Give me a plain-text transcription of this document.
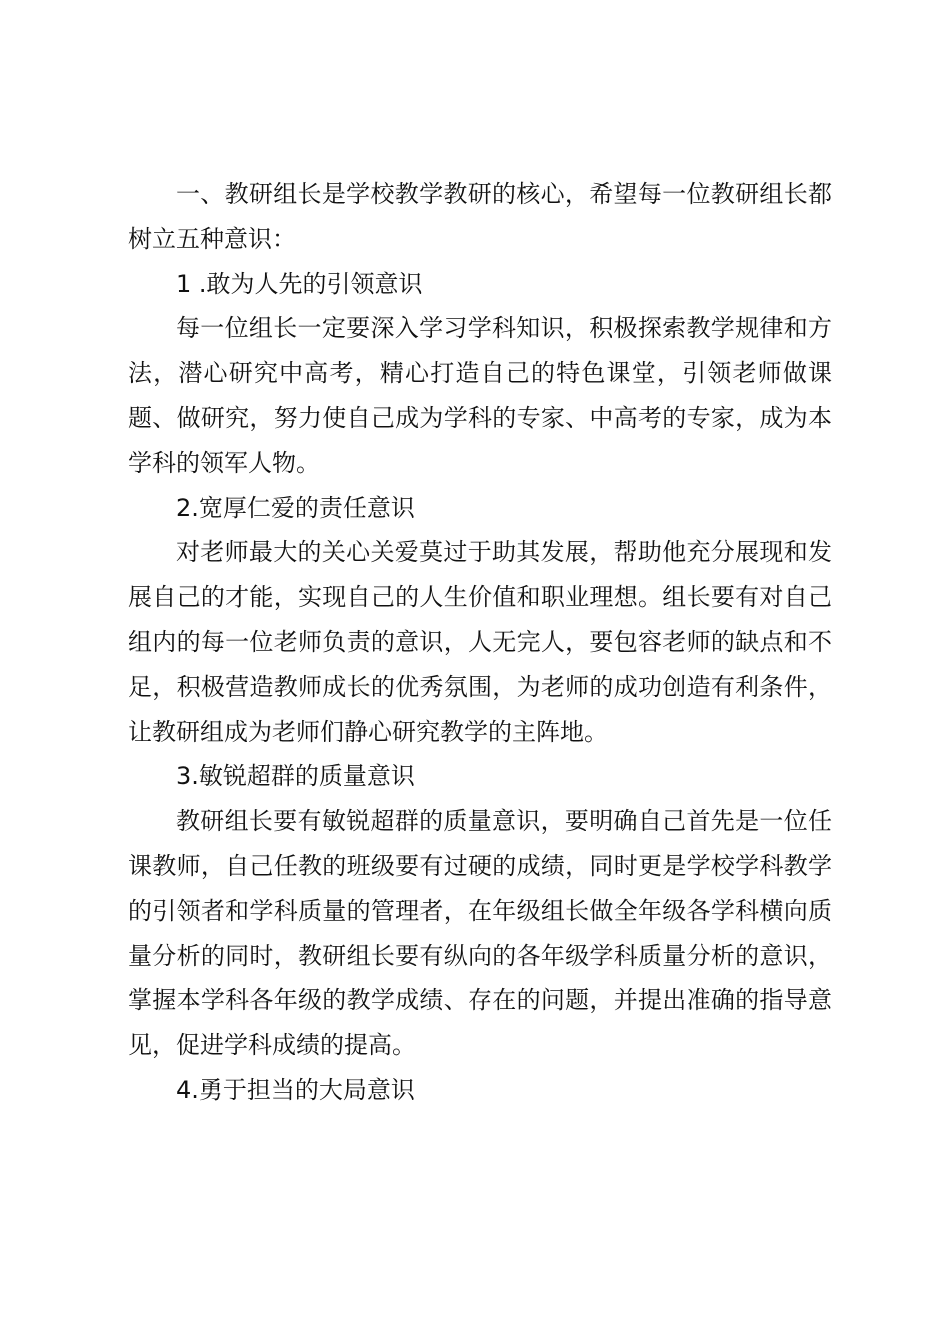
一、教研组长是学校教学教研的核心，希望每一位教研组长都树立五种意识：

1 .敢为人先的引领意识

每一位组长一定要深入学习学科知识，积极探索教学规律和方法，潜心研究中高考，精心打造自己的特色课堂，引领老师做课题、做研究，努力使自己成为学科的专家、中高考的专家，成为本学科的领军人物。

2.宽厚仁爱的责任意识

对老师最大的关心关爱莫过于助其发展，帮助他充分展现和发展自己的才能，实现自己的人生价值和职业理想。组长要有对自己组内的每一位老师负责的意识，人无完人，要包容老师的缺点和不足，积极营造教师成长的优秀氛围，为老师的成功创造有利条件，让教研组成为老师们静心研究教学的主阵地。

3.敏锐超群的质量意识

教研组长要有敏锐超群的质量意识，要明确自己首先是一位任课教师，自己任教的班级要有过硬的成绩，同时更是学校学科教学的引领者和学科质量的管理者，在年级组长做全年级各学科横向质量分析的同时，教研组长要有纵向的各年级学科质量分析的意识，掌握本学科各年级的教学成绩、存在的问题，并提出准确的指导意见，促进学科成绩的提高。

4.勇于担当的大局意识
